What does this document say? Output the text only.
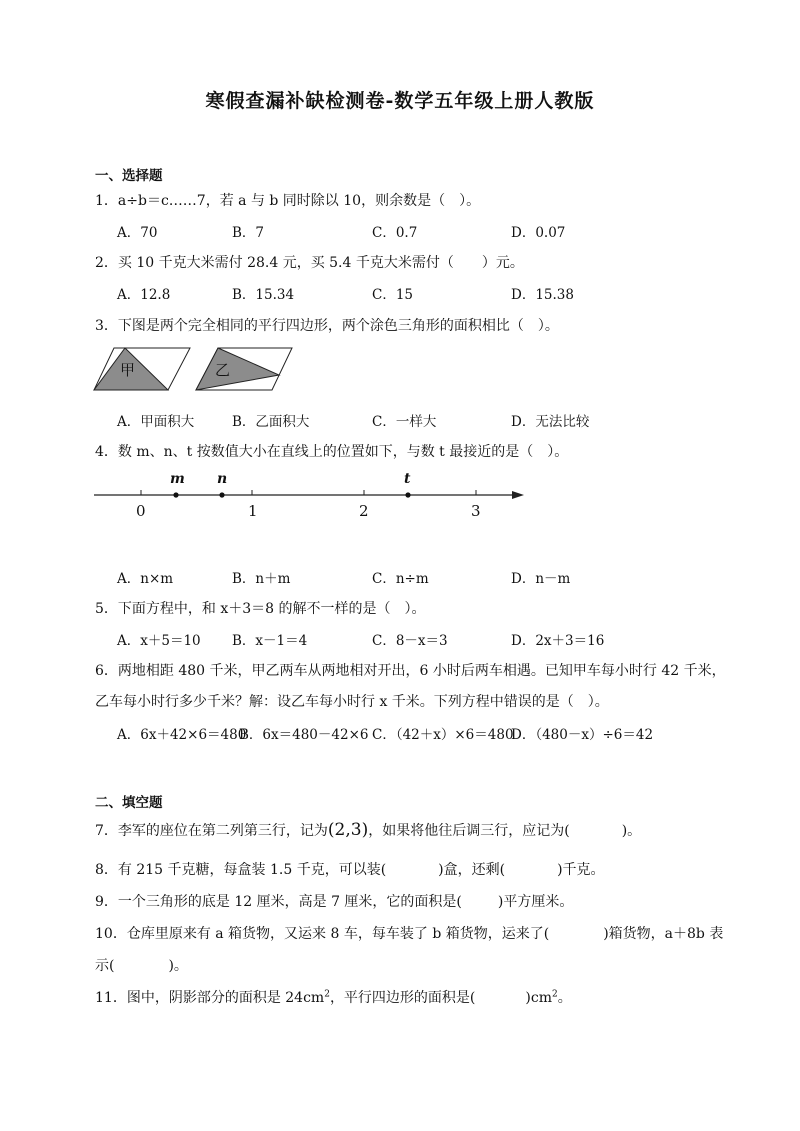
寒假查漏补缺检测卷-数学五年级上册人教版
一、选择题
1．a÷b＝c……7，若 a 与 b 同时除以 10，则余数是（　）。
A．70	B．7	C．0.7	D．0.07
2．买 10 千克大米需付 28.4 元，买 5.4 千克大米需付（　　）元。
A．12.8	B．15.34	C．15	D．15.38
3．下图是两个完全相同的平行四边形，两个涂色三角形的面积相比（　）。
甲	乙
A．甲面积大	B．乙面积大	C．一样大	D．无法比较
4．数 m、n、t 按数值大小在直线上的位置如下，与数 t 最接近的是（　）。
m n	t
0	1	2	3
A．n×m	B．n＋m	C．n÷m	D．n－m
5．下面方程中，和 x＋3＝8 的解不一样的是（　）。
A．x＋5＝10 B．x－1＝4	C．8－x＝3	D．2x＋3＝16
6．两地相距 480 千米，甲乙两车从两地相对开出，6 小时后两车相遇。已知甲车每小时行 42 千米，
乙车每小时行多少千米？解：设乙车每小时行 x 千米。下列方程中错误的是（　）。
A．6x＋42×6＝480
B．6x＝480－42×6 C．（42＋x）×6＝480
D．（480－x）÷6＝42
二、填空题
7．李军的座位在第二列第三行，记为(2,3)，如果将他往后调三行，应记为(	)。
8．有 215 千克糖，每盒装 1.5 千克，可以装(	)盒，还剩(	)千克。
9．一个三角形的底是 12 厘米，高是 7 厘米，它的面积是(	)平方厘米。
10．仓库里原来有 a 箱货物，又运来 8 车，每车装了 b 箱货物，运来了(	)箱货物，a＋8b 表
示(	)。
11．图中，阴影部分的面积是 $24cm^2$，平行四边形的面积是(	)$cm^2$。
